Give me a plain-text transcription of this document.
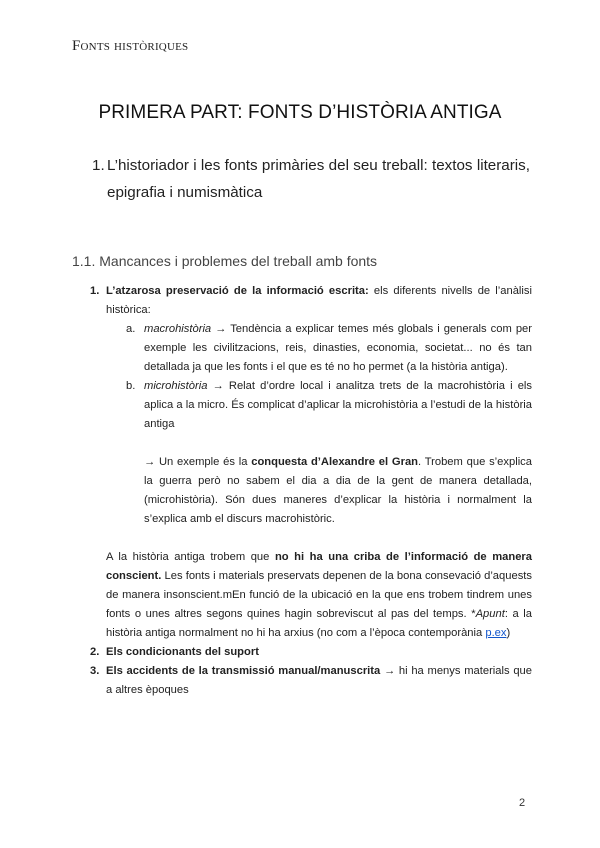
Fonts històriques
PRIMERA PART: FONTS D’HISTÒRIA ANTIGA
1. L’historiador i les fonts primàries del seu treball: textos literaris, epigrafia i numismàtica
1.1. Mancances i problemes del treball amb fonts
1. L’atzarosa preservació de la informació escrita: els diferents nivells de l’anàlisi històrica:
a. macrohistòria → Tendència a explicar temes més globals i generals com per exemple les civilitzacions, reis, dinasties, economia, societat... no és tan detallada ja que les fonts i el que es té no ho permet (a la història antiga).
b. microhistòria → Relat d’ordre local i analitza trets de la macrohistòria i els aplica a la micro. És complicat d’aplicar la microhistòria a l’estudi de la història antiga
→ Un exemple és la conquesta d’Alexandre el Gran. Trobem que s’explica la guerra però no sabem el dia a dia de la gent de manera detallada, (microhistòria). Són dues maneres d’explicar la història i normalment la s’explica amb el discurs macrohistòric.
A la història antiga trobem que no hi ha una criba de l’informació de manera conscient. Les fonts i materials preservats depenen de la bona consevació d’aquests de manera insonscient.mEn funció de la ubicació en la que ens trobem tindrem unes fonts o unes altres segons quines hagin sobreviscut al pas del temps. *Apunt: a la història antiga normalment no hi ha arxius (no com a l’època contemporània p.ex)
2. Els condicionants del suport
3. Els accidents de la transmissió manual/manuscrita → hi ha menys materials que a altres èpoques
2
